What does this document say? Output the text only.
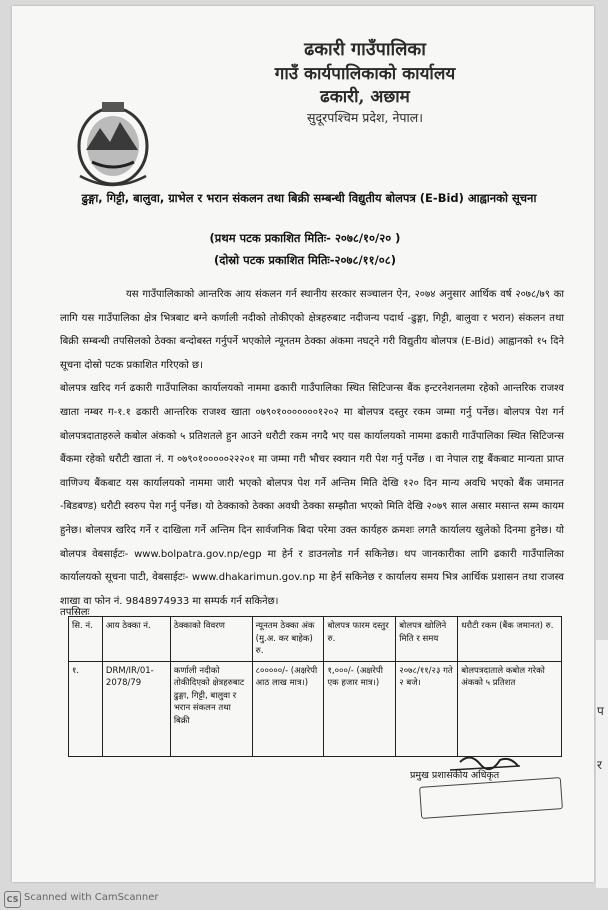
ढकारी गाउँपालिका
गाउँ कार्यपालिकाको कार्यालय
ढकारी, अछाम
सुदूरपश्चिम प्रदेश, नेपाल।
ढुङ्गा, गिट्टी, बालुवा, ग्राभेल र भरान संकलन तथा बिक्री सम्बन्धी विद्युतीय बोलपत्र (E-Bid) आह्वानको सूचना
(प्रथम पटक प्रकाशित मितिः- २०७८/१०/२० )
(दोस्रो पटक प्रकाशित मितिः-२०७८/११/०८)

यस गाउँपालिकाको आन्तरिक आय संकलन गर्न स्थानीय सरकार सञ्चालन ऐन, २०७४ अनुसार आर्थिक वर्ष २०७८/७९ का लागि यस गाउँपालिका क्षेत्र भित्रबाट बग्ने कर्णाली नदीको तोकीएको क्षेत्रहरुबाट नदीजन्य पदार्थ -ढुङ्गा, गिट्टी, बालुवा र भरान) संकलन तथा बिक्री सम्बन्धी तपसिलको ठेक्का बन्दोबस्त गर्नुपर्ने भएकोले न्यूनतम ठेक्का अंकमा नघट्ने गरी विद्युतीय बोलपत्र (E-Bid) आह्वानको १५ दिने सूचना दोस्रो पटक प्रकाशित गरिएको छ।

बोलपत्र खरिद गर्न ढकारी गाउँपालिका कार्यालयको नाममा ढकारी गाउँपालिका स्थित सिटिजन्स बैंक इन्टरनेशनलमा रहेको आन्तरिक राजश्व खाता नम्बर ग-१.१ ढकारी आन्तरिक राजश्व खाता ०७९०१०००००००१२०२ मा बोलपत्र दस्तुर रकम जम्मा गर्नु पर्नेछ। बोलपत्र पेश गर्न बोलपत्रदाताहरुले कबोल अंकको ५ प्रतिशतले हुन आउने धरौटी रकम नगदै भए यस कार्यालयको नाममा ढकारी गाउँपालिका स्थित सिटिजन्स बैंकमा रहेको धरौटी खाता नं. ग ०७९०१०००००२२२०१ मा जम्मा गरी भौचर स्क्यान गरी पेश गर्नु पर्नेछ । वा नेपाल राष्ट्र बैंकबाट मान्यता प्राप्त वाणिज्य बैंकबाट यस कार्यालयको नाममा जारी भएको बोलपत्र पेश गर्ने अन्तिम मिति देखि १२० दिन मान्य अवधि भएको बैंक जमानत -बिडबण्ड) धरौटी स्वरुप पेश गर्नु पर्नेछ। यो ठेक्काको ठेक्का अवधी ठेक्का सम्झौता भएको मिति देखि २०७९ साल असार मसान्त सम्म कायम हुनेछ। बोलपत्र खरिद गर्ने र दाखिला गर्ने अन्तिम दिन सार्वजनिक बिदा परेमा उक्त कार्यहरु क्रमशः लगतै कार्यालय खुलेको दिनमा हुनेछ। यो बोलपत्र वेबसाईटः- www.bolpatra.gov.np/egp मा हेर्न र डाउनलोड गर्न सकिनेछ। थप जानकारीका लागि ढकारी गाउँपालिका कार्यालयको सूचना पाटी, वेबसाईटः- www.dhakarimun.gov.np मा हेर्न सकिनेछ र कार्यालय समय भित्र आर्थिक प्रशासन तथा राजस्व शाखा वा फोन नं. 9848974933 मा सम्पर्क गर्न सकिनेछ।

तपसिलः
सि. नं.	आय ठेक्का नं.	ठेक्काको विवरण	न्यूनतम ठेक्का अंक (मु.अ. कर बाहेक) रु.	बोलपत्र फारम दस्तुर रु.	बोलपत्र खोलिने मिति र समय	धरौटी रकम (बैंक जमानत) रु.
१.	DRM/IR/01-2078/79	कर्णाली नदीको तोकीदिएको क्षेत्रहरुबाट ढुङ्गा, गिट्टी, बालुवा र भरान संकलन तथा बिक्री	८०००००/- (अक्षरेपी आठ लाख मात्र।)	१,०००/- (अक्षरेपी एक हजार मात्र।)	२०७८/११/२३ गते २ बजे।	बोलपत्रदाताले कबोल गरेको अंकको ५ प्रतिशत
प्रमुख प्रशासकीय अधिकृत
प
र
CS Scanned with CamScanner
